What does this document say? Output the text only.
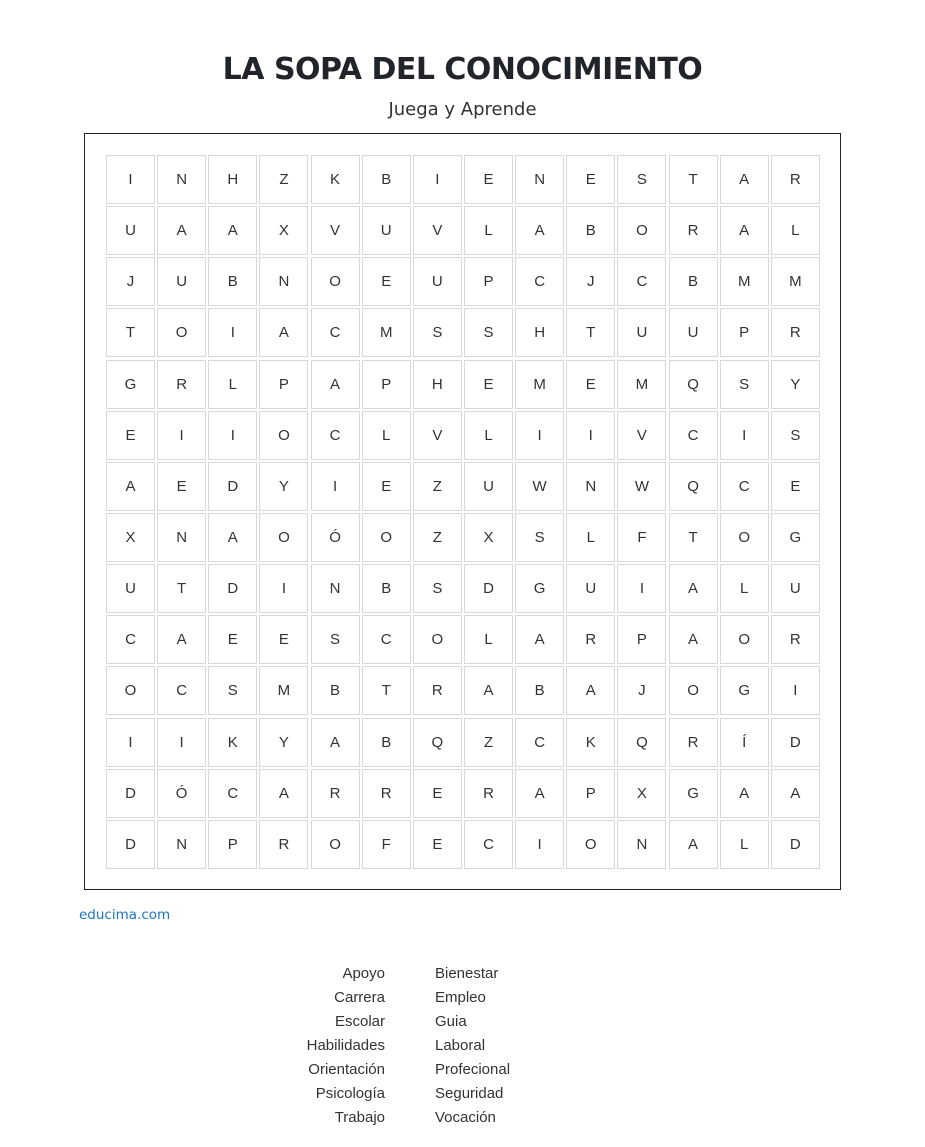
LA SOPA DEL CONOCIMIENTO
Juega y Aprende
I	N	H	Z	K	B	I	E	N	E	S	T	A	R
U	A	A	X	V	U	V	L	A	B	O	R	A	L
J	U	B	N	O	E	U	P	C	J	C	B	M	M
T	O	I	A	C	M	S	S	H	T	U	U	P	R
G	R	L	P	A	P	H	E	M	E	M	Q	S	Y
E	I	I	O	C	L	V	L	I	I	V	C	I	S
A	E	D	Y	I	E	Z	U	W	N	W	Q	C	E
X	N	A	O	Ó	O	Z	X	S	L	F	T	O	G
U	T	D	I	N	B	S	D	G	U	I	A	L	U
C	A	E	E	S	C	O	L	A	R	P	A	O	R
O	C	S	M	B	T	R	A	B	A	J	O	G	I
I	I	K	Y	A	B	Q	Z	C	K	Q	R	Í	D
D	Ó	C	A	R	R	E	R	A	P	X	G	A	A
D	N	P	R	O	F	E	C	I	O	N	A	L	D
educima.com
Apoyo
Carrera
Escolar
Habilidades
Orientación
Psicología
Trabajo
Bienestar
Empleo
Guia
Laboral
Profecional
Seguridad
Vocación
